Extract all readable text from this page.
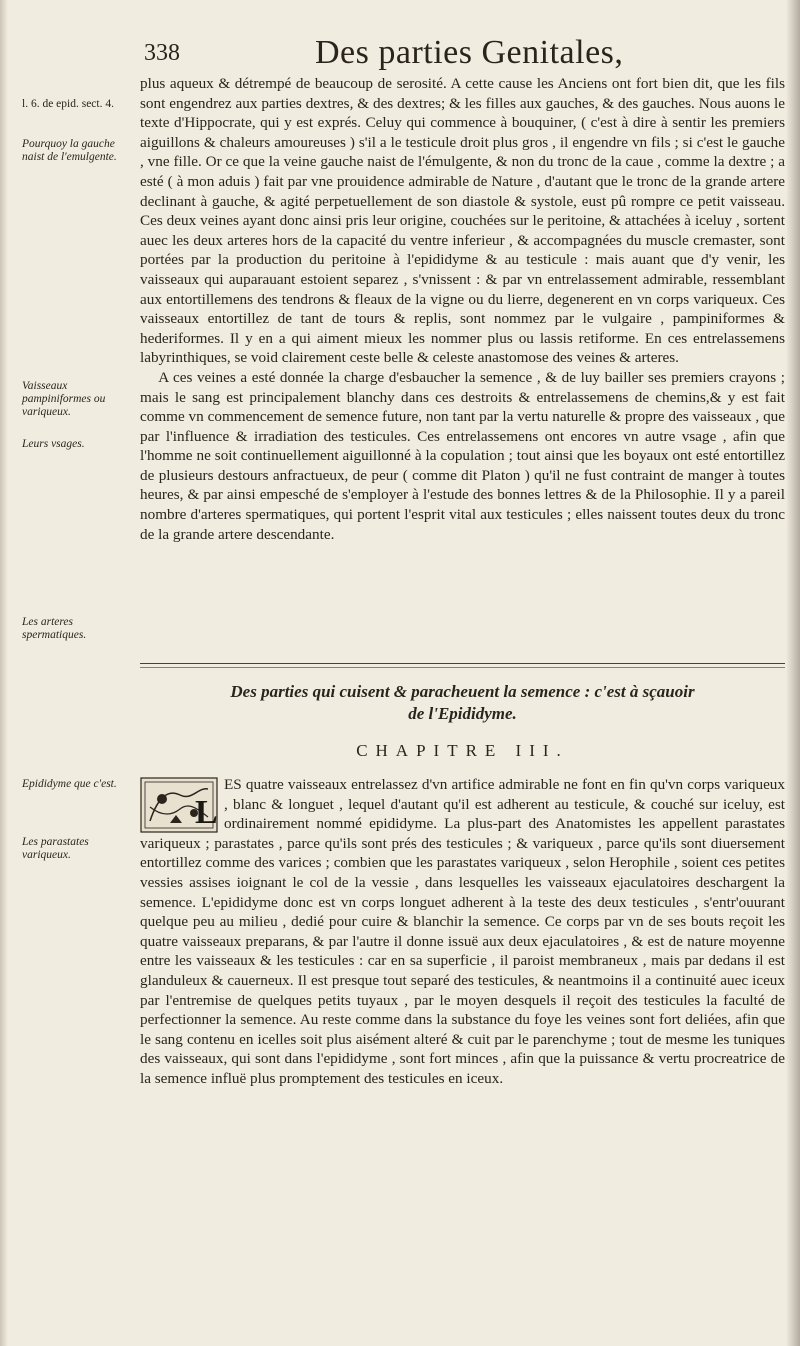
338	Des parties Genitales,
l. 6. de epid. sect. 4.
Pourquoy la gauche naist de l'emulgente.
Vaisseaux pampiniformes ou variqueux.
Leurs vsages.
Les arteres spermatiques.
Epididyme que c'est.
Les parastates variqueux.

plus aqueux & détrempé de beaucoup de serosité. A cette cause les Anciens ont fort bien dit, que les fils sont engendrez aux parties dextres, & des dextres; & les filles aux gauches, & des gauches. Nous auons le texte d'Hippocrate, qui y est exprés. Celuy qui commence à bouquiner, ( c'est à dire à sentir les premiers aiguillons & chaleurs amoureuses ) s'il a le testicule droit plus gros , il engendre vn fils ; si c'est le gauche , vne fille. Or ce que la veine gauche naist de l'émulgente, & non du tronc de la caue , comme la dextre ; a esté ( à mon aduis ) fait par vne prouidence admirable de Nature , d'autant que le tronc de la grande artere declinant à gauche, & agité perpetuellement de son diastole & systole, eust pû rompre ce petit vaisseau. Ces deux veines ayant donc ainsi pris leur origine, couchées sur le peritoine, & attachées à iceluy , sortent auec les deux arteres hors de la capacité du ventre inferieur , & accompagnées du muscle cremaster, sont portées par la production du peritoine à l'epididyme & au testicule : mais auant que d'y venir, les vaisseaux qui auparauant estoient separez , s'vnissent : & par vn entrelassement admirable, ressemblant aux entortillemens des tendrons & fleaux de la vigne ou du lierre, degenerent en vn corps variqueux. Ces vaisseaux entortillez de tant de tours & replis, sont nommez par le vulgaire , pampiniformes & hederiformes. Il y en a qui aiment mieux les nommer plus ou lassis retiforme. En ces entrelassemens labyrinthiques, se void clairement ceste belle & celeste anastomose des veines & arteres.

A ces veines a esté donnée la charge d'esbaucher la semence , & de luy bailler ses premiers crayons ; mais le sang est principalement blanchy dans ces destroits & entrelassemens de chemins,& y est fait comme vn commencement de semence future, non tant par la vertu naturelle & propre des vaisseaux , que par l'influence & irradiation des testicules. Ces entrelassemens ont encores vn autre vsage , afin que l'homme ne soit continuellement aiguillonné à la copulation ; tout ainsi que les boyaux ont esté entortillez de plusieurs destours anfractueux, de peur ( comme dit Platon ) qu'il ne fust contraint de manger à toutes heures, & par ainsi empesché de s'employer à l'estude des bonnes lettres & de la Philosophie. Il y a pareil nombre d'arteres spermatiques, qui portent l'esprit vital aux testicules ; elles naissent toutes deux du tronc de la grande artere descendante.

Des parties qui cuisent & paracheuent la semence : c'est à sçauoir
de l'Epididyme.
CHAPITRE III.
L

ES quatre vaisseaux entrelassez d'vn artifice admirable ne font en fin qu'vn corps variqueux , blanc & longuet , lequel d'autant qu'il est adherent au testicule, & couché sur iceluy, est ordinairement nommé epididyme. La plus-part des Anatomistes les appellent parastates variqueux ; parastates , parce qu'ils sont prés des testicules ; & variqueux , parce qu'ils sont diuersement entortillez comme des varices ; combien que les parastates variqueux , selon Herophile , soient ces petites vessies assises ioignant le col de la vessie , dans lesquelles les vaisseaux ejaculatoires deschargent la semence. L'epididyme donc est vn corps longuet adherent à la teste des deux testicules , s'entr'ouurant quelque peu au milieu , dedié pour cuire & blanchir la semence. Ce corps par vn de ses bouts reçoit les quatre vaisseaux preparans, & par l'autre il donne issuë aux deux ejaculatoires , & est de nature moyenne entre les vaisseaux & les testicules : car en sa superficie , il paroist membraneux , mais par dedans il est glanduleux & cauerneux. Il est presque tout separé des testicules, & neantmoins il a continuité auec iceux par l'entremise de quelques petits tuyaux , par le moyen desquels il reçoit des testicules la faculté de perfectionner la semence. Au reste comme dans la substance du foye les veines sont fort deliées, afin que le sang contenu en icelles soit plus aisément alteré & cuit par le parenchyme ; tout de mesme les tuniques des vaisseaux, qui sont dans l'epididyme , sont fort minces , afin que la puissance & vertu procreatrice de la semence influë plus promptement des testicules en iceux.
